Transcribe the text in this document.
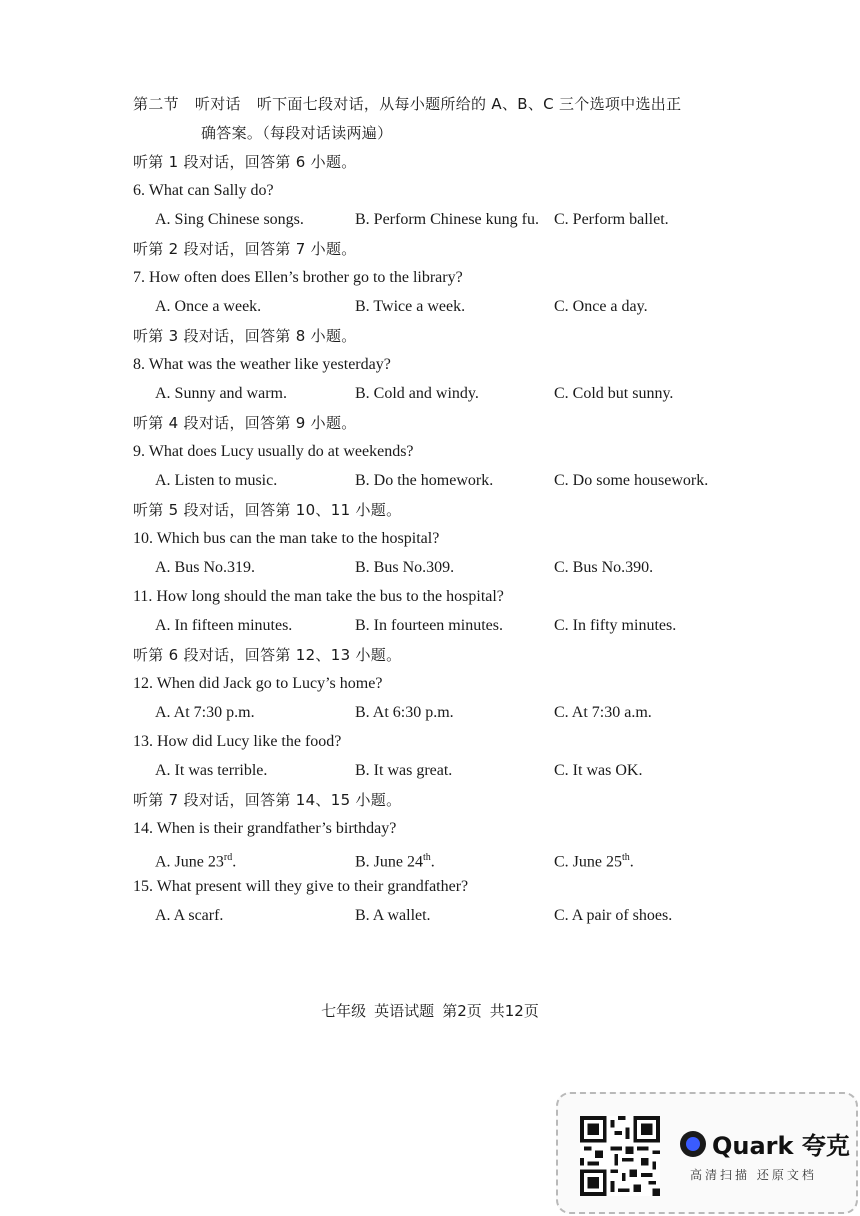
第二节 听对话 听下面七段对话，从每小题所给的 A、B、C 三个选项中选出正
确答案。（每段对话读两遍）
听第 1 段对话，回答第 6 小题。
6. What can Sally do?
A. Sing Chinese songs.	B. Perform Chinese kung fu. C. Perform ballet.
听第 2 段对话，回答第 7 小题。
7. How often does Ellen’s brother go to the library?
A. Once a week.	B. Twice a week.	C. Once a day.
听第 3 段对话，回答第 8 小题。
8. What was the weather like yesterday?
A. Sunny and warm.	B. Cold and windy.	C. Cold but sunny.
听第 4 段对话，回答第 9 小题。
9. What does Lucy usually do at weekends?
A. Listen to music.	B. Do the homework.	C. Do some housework.
听第 5 段对话，回答第 10、11 小题。
10. Which bus can the man take to the hospital?
A. Bus No.319.	B. Bus No.309.	C. Bus No.390.
11. How long should the man take the bus to the hospital?
A. In fifteen minutes.	B. In fourteen minutes.	C. In fifty minutes.
听第 6 段对话，回答第 12、13 小题。
12. When did Jack go to Lucy’s home?
A. At 7:30 p.m.	B. At 6:30 p.m.	C. At 7:30 a.m.
13. How did Lucy like the food?
A. It was terrible.	B. It was great.	C. It was OK.
听第 7 段对话，回答第 14、15 小题。
14. When is their grandfather’s birthday?
A. June 23rd.	B. June 24th.	C. June 25th.
15. What present will they give to their grandfather?
A. A scarf.	B. A wallet.	C. A pair of shoes.
七年级 英语试题 第2页 共12页
Quark 夸克
高清扫描 还原文档
